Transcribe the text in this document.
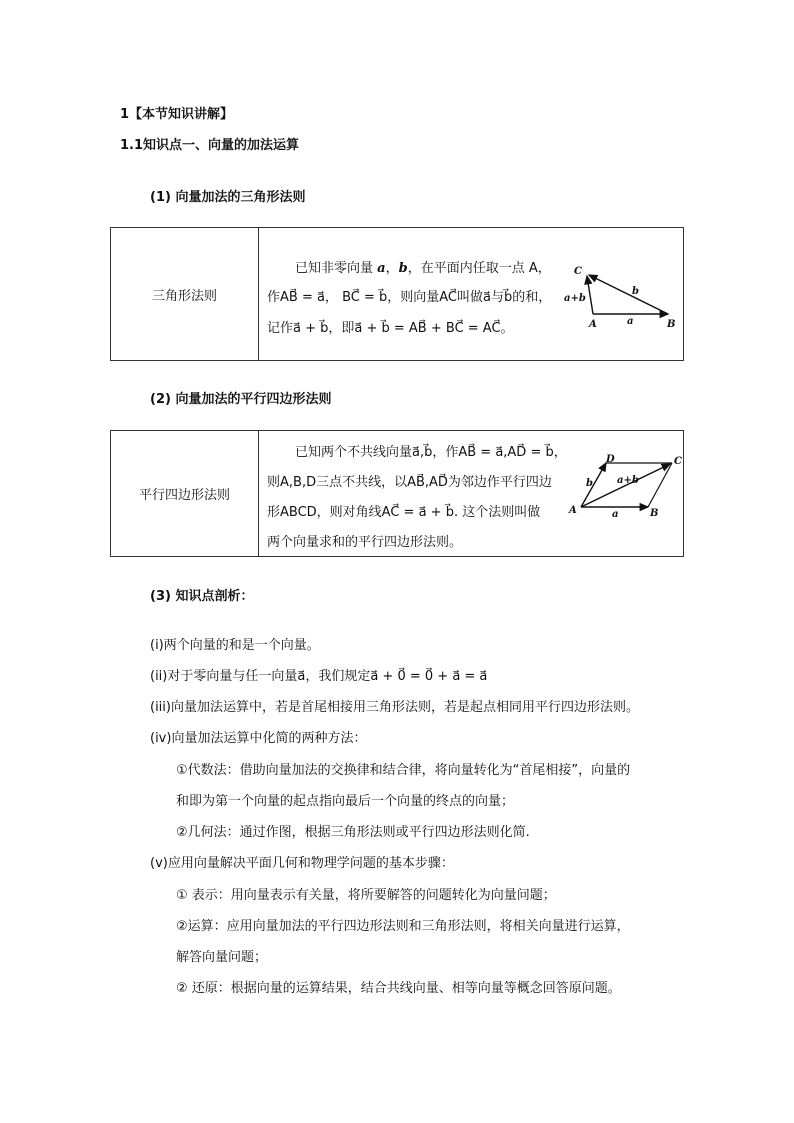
1【本节知识讲解】
1.1知识点一、向量的加法运算
(1) 向量加法的三角形法则
三角形法则
已知非零向量 a，b，在平面内任取一点 A，
作AB⃗ = a⃗， BC⃗ = b⃗，则向量AC⃗叫做a⃗与b⃗的和，
记作a⃗ + b⃗，即a⃗ + b⃗ = AB⃗ + BC⃗ = AC⃗。
C
A	B
a
b
a+b
(2) 向量加法的平行四边形法则
平行四边形法则
已知两个不共线向量a⃗,b⃗，作AB⃗ = a⃗,AD⃗ = b⃗，
则A,B,D三点不共线，以AB⃗,AD⃗为邻边作平行四边
形ABCD，则对角线AC⃗ = a⃗ + b⃗. 这个法则叫做
两个向量求和的平行四边形法则。
D	C
A	B
a
b a+b
(3) 知识点剖析：
(i)两个向量的和是一个向量。
(ii)对于零向量与任一向量a⃗，我们规定a⃗ + 0⃗ = 0⃗ + a⃗ = a⃗
(iii)向量加法运算中，若是首尾相接用三角形法则，若是起点相同用平行四边形法则。
(iv)向量加法运算中化简的两种方法：
①代数法：借助向量加法的交换律和结合律，将向量转化为“首尾相接”，向量的
和即为第一个向量的起点指向最后一个向量的终点的向量；
②几何法：通过作图，根据三角形法则或平行四边形法则化简.
(v)应用向量解决平面几何和物理学问题的基本步骤：
① 表示：用向量表示有关量，将所要解答的问题转化为向量问题；
②运算：应用向量加法的平行四边形法则和三角形法则，将相关向量进行运算，
解答向量问题；
② 还原：根据向量的运算结果，结合共线向量、相等向量等概念回答原问题。
